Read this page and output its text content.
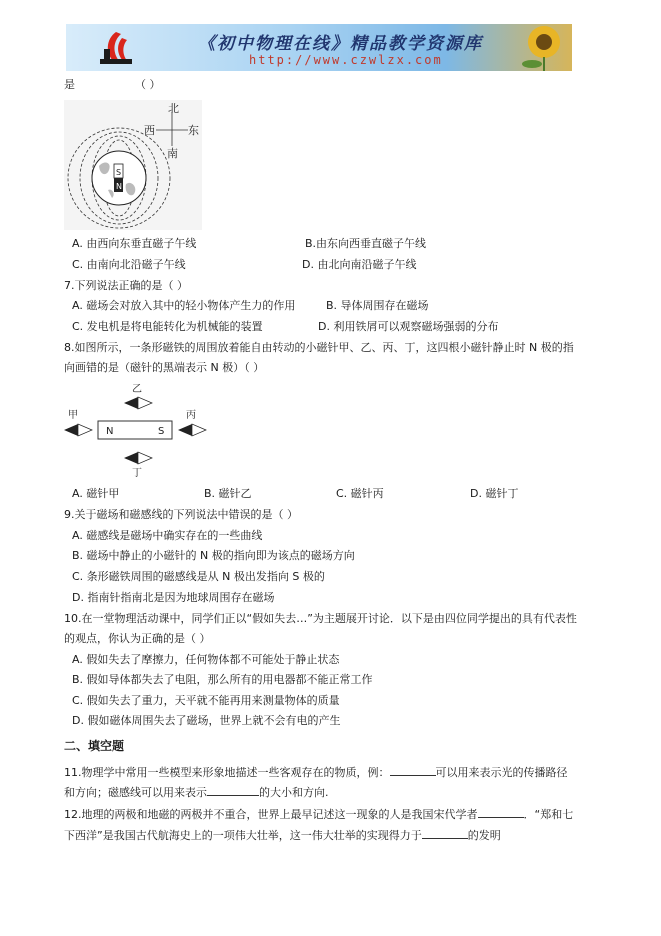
《初中物理在线》精品教学资源库
http://www.czwlzx.com
是	（ ）
北
西	东
南
S
N
A. 由西向东垂直磁子午线	B.由东向西垂直磁子午线
C. 由南向北沿磁子午线	D. 由北向南沿磁子午线
7.下列说法正确的是（ ）
A. 磁场会对放入其中的轻小物体产生力的作用	B. 导体周围存在磁场
C. 发电机是将电能转化为机械能的装置	D. 利用铁屑可以观察磁场强弱的分布
8.如图所示，一条形磁铁的周围放着能自由转动的小磁针甲、乙、丙、丁，这四根小磁针静止时 N 极的指
向画错的是（磁针的黑端表示 N 极）（ ）
乙
甲
N	S
丙
丁
A. 磁针甲	B. 磁针乙	C. 磁针丙	D. 磁针丁
9.关于磁场和磁感线的下列说法中错误的是（ ）
A. 磁感线是磁场中确实存在的一些曲线
B. 磁场中静止的小磁针的 N 极的指向即为该点的磁场方向
C. 条形磁铁周围的磁感线是从 N 极出发指向 S 极的
D. 指南针指南北是因为地球周围存在磁场
10.在一堂物理活动课中，同学们正以“假如失去…”为主题展开讨论．以下是由四位同学提出的具有代表性
的观点，你认为正确的是（ ）
A. 假如失去了摩擦力，任何物体都不可能处于静止状态
B. 假如导体都失去了电阻，那么所有的用电器都不能正常工作
C. 假如失去了重力，天平就不能再用来测量物体的质量
D. 假如磁体周围失去了磁场，世界上就不会有电的产生
二、填空题
11.物理学中常用一些模型来形象地描述一些客观存在的物质，例：	可以用来表示光的传播路径
和方向；磁感线可以用来表示	的大小和方向.
12.地理的两极和地磁的两极并不重合，世界上最早记述这一现象的人是我国宋代学者	．“郑和七
下西洋”是我国古代航海史上的一项伟大壮举，这一伟大壮举的实现得力于	的发明
